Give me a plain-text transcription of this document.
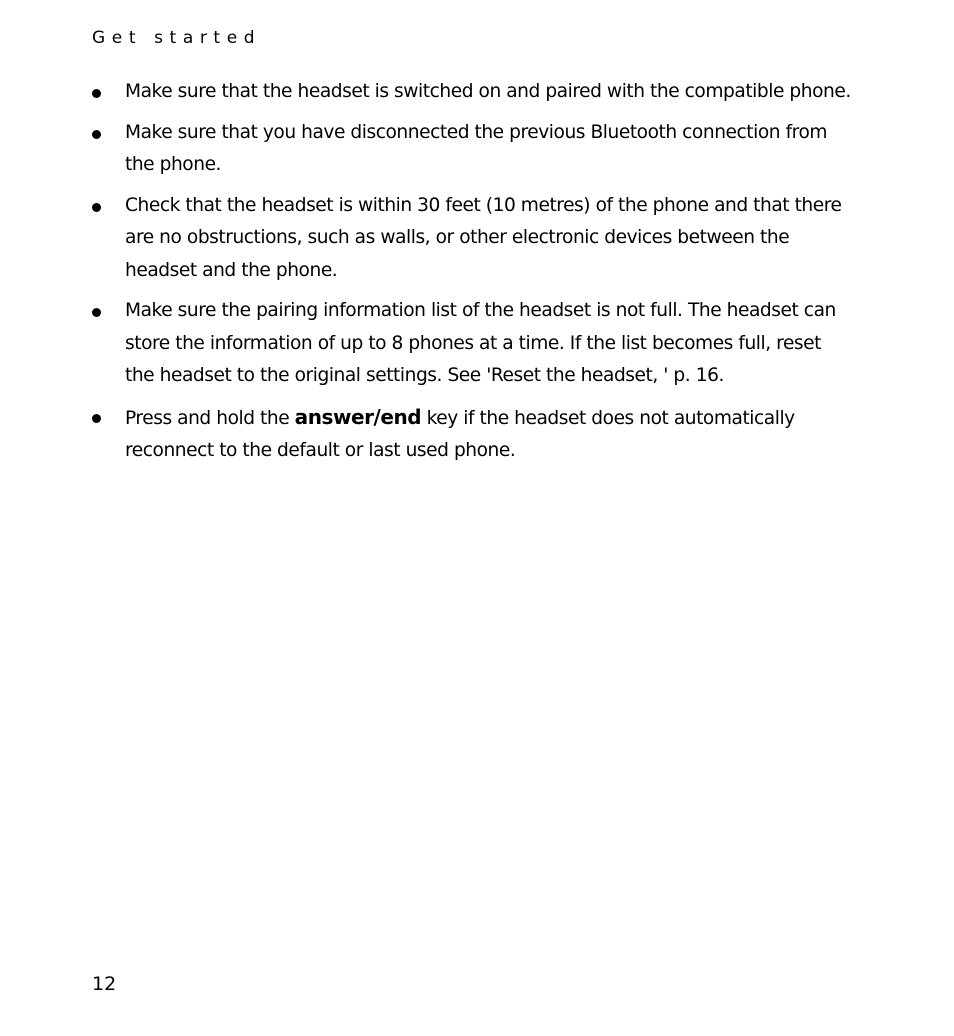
Get started
Make sure that the headset is switched on and paired with the compatible phone.
Make sure that you have disconnected the previous Bluetooth connection from the phone.
Check that the headset is within 30 feet (10 metres) of the phone and that there are no obstructions, such as walls, or other electronic devices between the headset and the phone.
Make sure the pairing information list of the headset is not full. The headset can store the information of up to 8 phones at a time. If the list becomes full, reset the headset to the original settings. See 'Reset the headset, ' p. 16.
Press and hold the answer/end key if the headset does not automatically reconnect to the default or last used phone.
12
